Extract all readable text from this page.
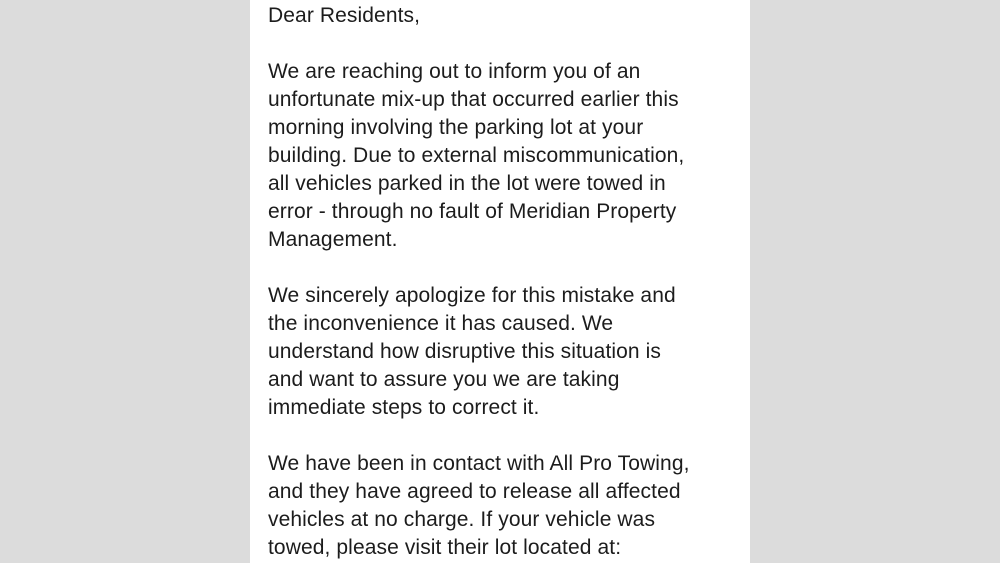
Dear Residents,

We are reaching out to inform you of an
unfortunate mix-up that occurred earlier this
morning involving the parking lot at your
building. Due to external miscommunication,
all vehicles parked in the lot were towed in
error - through no fault of Meridian Property
Management.

We sincerely apologize for this mistake and
the inconvenience it has caused. We
understand how disruptive this situation is
and want to assure you we are taking
immediate steps to correct it.

We have been in contact with All Pro Towing,
and they have agreed to release all affected
vehicles at no charge. If your vehicle was
towed, please visit their lot located at:
